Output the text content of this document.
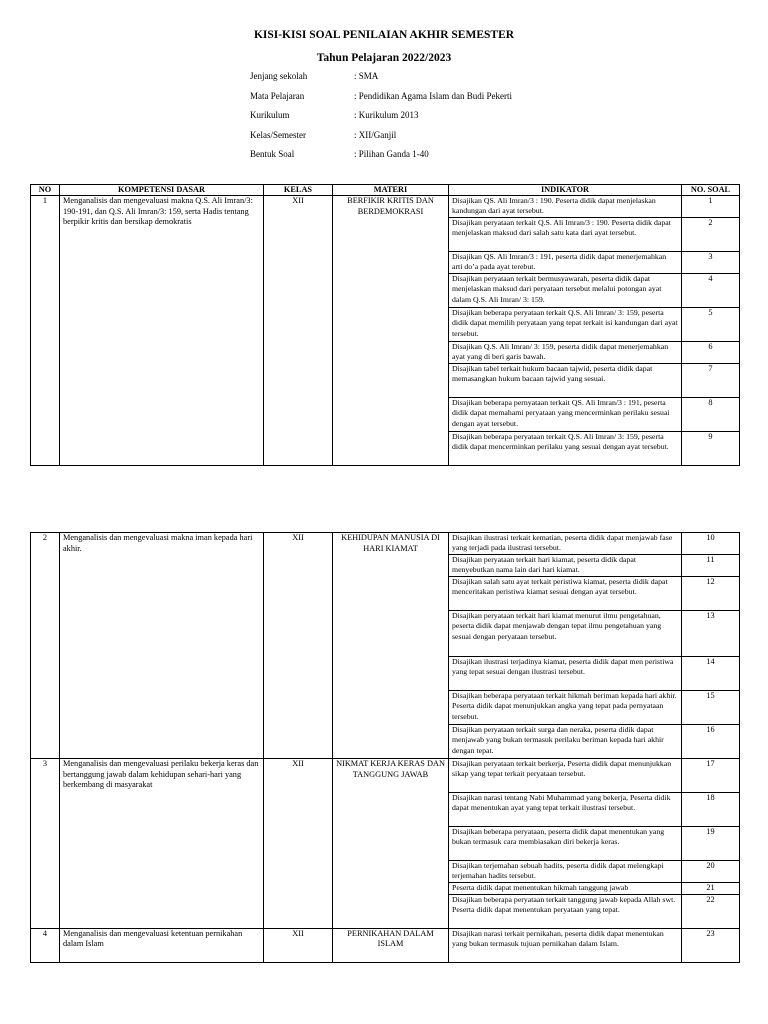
KISI-KISI SOAL PENILAIAN AKHIR SEMESTER
Tahun Pelajaran 2022/2023
Jenjang sekolah	: SMA
Mata Pelajaran	: Pendidikan Agama Islam dan Budi Pekerti
Kurikulum	: Kurikulum 2013
Kelas/Semester	: XII/Ganjil
Bentuk Soal	: Pilihan Ganda 1-40
NO	KOMPETENSI DASAR	KELAS	MATERI	INDIKATOR	NO. SOAL
1	Menganalisis dan mengevaluasi makna Q.S. Ali Imran/3: 190-191, dan Q.S. Ali Imran/3: 159, serta Hadis tentang berpikir kritis dan bersikap demokratis	XII	BERFIKIR KRITIS DAN BERDEMOKRASI	Disajikan QS. Ali Imran/3 : 190. Peserta didik dapat menjelaskan kandungan dari ayat tersebut.	1
				Disajikan peryataan terkait Q.S. Ali Imran/3 : 190. Peserta didik dapat menjelaskan maksud dari salah satu kata dari ayat tersebut.	2
				Disajikan QS. Ali Imran/3 : 191, peserta didik dapat menerjemahkan arti do’a pada ayat terebut.	3
				Disajikan peryataan terkait bermusyawarah, peserta didik dapat menjelaskan maksud dari peryataan tersebut melalui potongan ayat dalam Q.S. Ali Imran/ 3: 159.	4
				Disajikan beberapa peryataan terkait Q.S. Ali Imran/ 3: 159, peserta didik dapat memilih peryataan yang tepat terkait isi kandungan dari ayat tersebut.	5
				Disajikan Q.S. Ali Imran/ 3: 159, peserta didik dapat menerjemahkan ayat yang di beri garis bawah.	6
				Disajikan tabel terkait hukum bacaan tajwid, peserta didik dapat memasangkan hukum bacaan tajwid yang sesuai.	7
				Disajikan beberapa pernyataan terkait QS. Ali Imran/3 : 191, peserta didik dapat memahami peryataan yang mencerminkan perilaku sesuai dengan ayat tersebut.	8
				Disajikan beberapa peryataan terkait Q.S. Ali Imran/ 3: 159, peserta didik dapat mencerminkan perilaku yang sesuai dengan ayat tersebut.	9
2	Menganalisis dan mengevaluasi makna iman kepada hari akhir.	XII	KEHIDUPAN MANUSIA DI HARI KIAMAT	Disajikan ilustrasi terkait kematian, peserta didik dapat menjawab fase yang terjadi pada ilustrasi tersebut.	10
				Disajikan peryataan terkait hari kiamat, peserta didik dapat menyebutkan nama lain dari hari kiamat.	11
				Disajikan salah satu ayat terkait peristiwa kiamat, peserta didik dapat menceritakan peristiwa kiamat sesuai dengan ayat tersebut.	12
				Disajikan peryataan terkait hari kiamat menurut ilmu pengetahuan, peserta didik dapat menjawab dengan tepat ilmu pengetahuan yang sesuai dengan peryataan tersebut.	13
				Disajikan ilustrasi terjadinya kiamat, peserta didik dapat men peristiwa yang tepat sesuai dengan ilustrasi tersebut.	14
				Disajikan beberapa peryataan terkait hikmah beriman kepada hari akhir. Peserta didik dapat menunjukkan angka yang tepat pada pernyataan tersebut.	15
				Disajikan peryataan terkait surga dan neraka, peserta didik dapat menjawab yang bukan termasuk perilaku beriman kepada hari akhir dengan tepat.	16
3	Menganalisis dan mengevaluasi perilaku bekerja keras dan bertanggung jawab dalam kehidupan sehari-hari yang berkembang di masyarakat	XII	NIKMAT KERJA KERAS DAN TANGGUNG JAWAB	Disajikan peryataan terkait berkerja, Peserta didik dapat menunjukkan sikap yang tepat terkait peryataan tersebut.	17
				Disajikan narasi tentang Nabi Muhammad yang bekerja, Peserta didik dapat menentukan ayat yang tepat terkait ilustrasi tersebut.	18
				Disajikan beberapa peryataan, peserta didik dapat menentukan yang bukan termasuk cara membiasakan diri bekerja keras.	19
				Disajikan terjemahan sebuah hadits, peserta didik dapat melengkapi terjemahan hadits tersebut.	20
				Peserta didik dapat menentukan hikmah tanggung jawab	21
				Disajikan beberapa peryataan terkait tanggung jawab kepada Allah swt. Peserta didik dapat menentukan peryataan yang tepat.	22
4	Menganalisis dan mengevaluasi ketentuan pernikahan dalam Islam	XII	PERNIKAHAN DALAM ISLAM	Disajikan narasi terkait pernikahan, peserta didik dapat menentukan yang bukan termasuk tujuan pernikahan dalam Islam.	23
